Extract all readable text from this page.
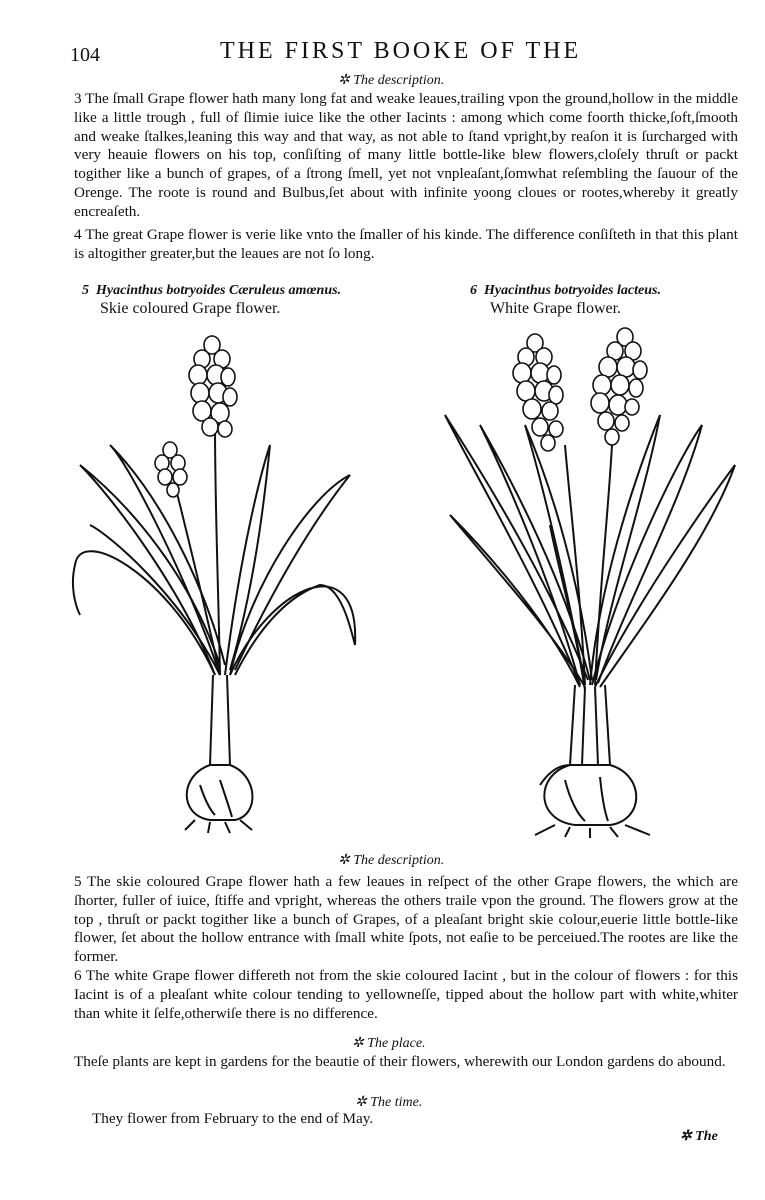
104	THE FIRST BOOKE OF THE
✲ The description.

3 The ſmall Grape flower hath many long fat and weake leaues,trailing vpon the ground,hollow in the middle like a little trough , full of ſlimie iuice like the other Iacints : among which come foorth thicke,ſoft,ſmooth and weake ſtalkes,leaning this way and that way, as not able to ſtand vpright,by reaſon it is ſurcharged with very heauie flowers on his top, conſiſting of many little bottle-like blew flowers,cloſely thruſt or packt togither like a bunch of grapes, of a ſtrong ſmell, yet not vnpleaſant,ſomwhat reſembling the ſauour of the Orenge. The roote is round and Bulbus,ſet about with infinite yoong cloues or rootes,whereby it greatly encreaſeth.

4 The great Grape flower is verie like vnto the ſmaller of his kinde. The difference conſiſteth in that this plant is altogither greater,but the leaues are not ſo long.

5 Hyacinthus botryoides Cæruleus amœnus.
Skie coloured Grape flower.
6 Hyacinthus botryoides lacteus.
White Grape flower.
✲ The description.

5 The skie coloured Grape flower hath a few leaues in reſpect of the other Grape flowers, the which are ſhorter, fuller of iuice, ſtiffe and vpright, whereas the others traile vpon the ground. The flowers grow at the top , thruſt or packt togither like a bunch of Grapes, of a pleaſant bright skie colour,euerie little bottle-like flower, ſet about the hollow entrance with ſmall white ſpots, not eaſie to be perceiued.The rootes are like the former.

6 The white Grape flower differeth not from the skie coloured Iacint , but in the colour of flowers : for this Iacint is of a pleaſant white colour tending to yellowneſſe, tipped about the hollow part with white,whiter than white it ſelfe,otherwiſe there is no difference.

✲ The place.

Theſe plants are kept in gardens for the beautie of their flowers, wherewith our London gardens do abound.

✲ The time.

They flower from February to the end of May.

✲ The
